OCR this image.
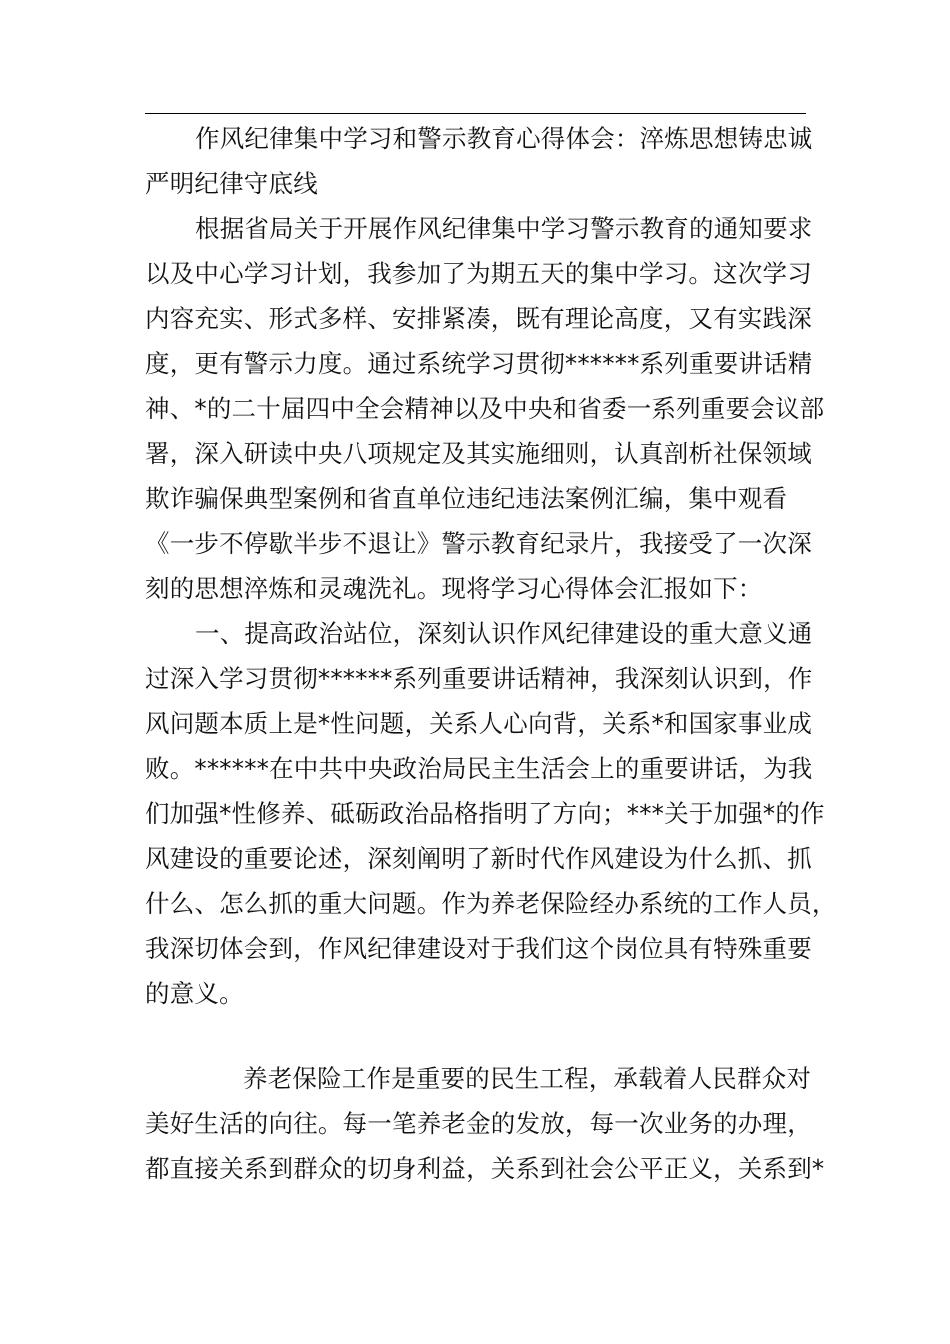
作风纪律集中学习和警示教育心得体会：淬炼思想铸忠诚
严明纪律守底线
根据省局关于开展作风纪律集中学习警示教育的通知要求
以及中心学习计划，我参加了为期五天的集中学习。这次学习
内容充实、形式多样、安排紧凑，既有理论高度，又有实践深
度，更有警示力度。通过系统学习贯彻******系列重要讲话精
神、*的二十届四中全会精神以及中央和省委一系列重要会议部
署，深入研读中央八项规定及其实施细则，认真剖析社保领域
欺诈骗保典型案例和省直单位违纪违法案例汇编，集中观看
《一步不停歇半步不退让》警示教育纪录片，我接受了一次深
刻的思想淬炼和灵魂洗礼。现将学习心得体会汇报如下：
一、提高政治站位，深刻认识作风纪律建设的重大意义通
过深入学习贯彻******系列重要讲话精神，我深刻认识到，作
风问题本质上是*性问题，关系人心向背，关系*和国家事业成
败。******在中共中央政治局民主生活会上的重要讲话，为我
们加强*性修养、砥砺政治品格指明了方向；***关于加强*的作
风建设的重要论述，深刻阐明了新时代作风建设为什么抓、抓
什么、怎么抓的重大问题。作为养老保险经办系统的工作人员，
我深切体会到，作风纪律建设对于我们这个岗位具有特殊重要
的意义。
养老保险工作是重要的民生工程，承载着人民群众对
美好生活的向往。每一笔养老金的发放，每一次业务的办理，
都直接关系到群众的切身利益，关系到社会公平正义，关系到*
